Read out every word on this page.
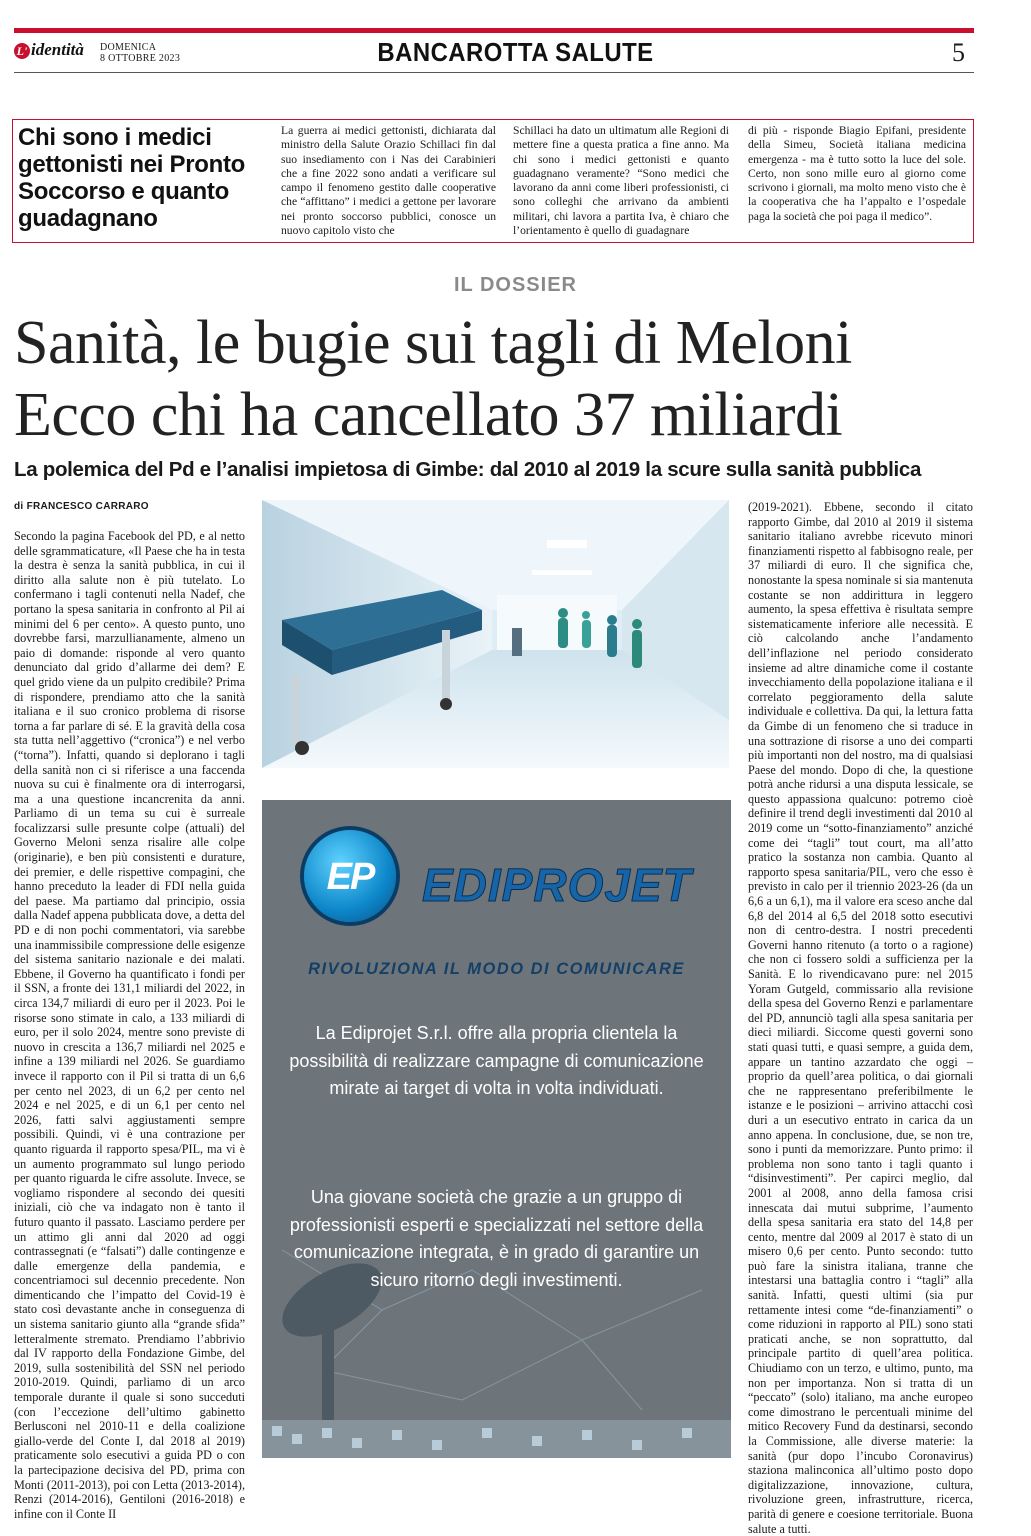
L' identità DOMENICA
8 OTTOBRE 2023	BANCAROTTA SALUTE	5
Chi sono i medici gettonisti nei Pronto Soccorso e quanto guadagnano
La guerra ai medici gettonisti, dichiarata dal ministro della Salute Orazio Schillaci fin dal suo insediamento con i Nas dei Carabinieri che a fine 2022 sono andati a verificare sul campo il fenomeno gestito dalle cooperative che “affittano” i medici a gettone per lavorare nei pronto soccorso pubblici, conosce un nuovo capitolo visto che
Schillaci ha dato un ultimatum alle Regioni di mettere fine a questa pratica a fine anno. Ma chi sono i medici gettonisti e quanto guadagnano veramente? “Sono medici che lavorano da anni come liberi professionisti, ci sono colleghi che arrivano da ambienti militari, chi lavora a partita Iva, è chiaro che l’orientamento è quello di guadagnare
di più - risponde Biagio Epifani, presidente della Simeu, Società italiana medicina emergenza - ma è tutto sotto la luce del sole. Certo, non sono mille euro al giorno come scrivono i giornali, ma molto meno visto che è la cooperativa che ha l’appalto e l’ospedale paga la società che poi paga il medico”.
IL DOSSIER
Sanità, le bugie sui tagli di Meloni
Ecco chi ha cancellato 37 miliardi
La polemica del Pd e l’analisi impietosa di Gimbe: dal 2010 al 2019 la scure sulla sanità pubblica
di FRANCESCO CARRARO
Secondo la pagina Facebook del PD, e al netto delle sgrammaticature, «Il Paese che ha in testa la destra è senza la sanità pubblica, in cui il diritto alla salute non è più tutelato. Lo confermano i tagli contenuti nella Nadef, che portano la spesa sanitaria in confronto al Pil ai minimi del 6 per cento». A questo punto, uno dovrebbe farsi, marzullianamente, almeno un paio di domande: risponde al vero quanto denunciato dal grido d’allarme dei dem? E quel grido viene da un pulpito credibile? Prima di rispondere, prendiamo atto che la sanità italiana e il suo cronico problema di risorse torna a far parlare di sé. E la gravità della cosa sta tutta nell’aggettivo (“cronica”) e nel verbo (“torna”). Infatti, quando si deplorano i tagli della sanità non ci si riferisce a una faccenda nuova su cui è finalmente ora di interrogarsi, ma a una questione incancrenita da anni. Parliamo di un tema su cui è surreale focalizzarsi sulle presunte colpe (attuali) del Governo Meloni senza risalire alle colpe (originarie), e ben più consistenti e durature, dei premier, e delle rispettive compagini, che hanno preceduto la leader di FDI nella guida del paese. Ma partiamo dal principio, ossia dalla Nadef appena pubblicata dove, a detta del PD e di non pochi commentatori, via sarebbe una inammissibile compressione delle esigenze del sistema sanitario nazionale e dei malati. Ebbene, il Governo ha quantificato i fondi per il SSN, a fronte dei 131,1 miliardi del 2022, in circa 134,7 miliardi di euro per il 2023. Poi le risorse sono stimate in calo, a 133 miliardi di euro, per il solo 2024, mentre sono previste di nuovo in crescita a 136,7 miliardi nel 2025 e infine a 139 miliardi nel 2026. Se guardiamo invece il rapporto con il Pil si tratta di un 6,6 per cento nel 2023, di un 6,2 per cento nel 2024 e nel 2025, e di un 6,1 per cento nel 2026, fatti salvi aggiustamenti sempre possibili. Quindi, vi è una contrazione per quanto riguarda il rapporto spesa/PIL, ma vi è un aumento programmato sul lungo periodo per quanto riguarda le cifre assolute. Invece, se vogliamo rispondere al secondo dei quesiti iniziali, ciò che va indagato non è tanto il futuro quanto il passato. Lasciamo perdere per un attimo gli anni dal 2020 ad oggi contrassegnati (e “falsati”) dalle contingenze e dalle emergenze della pandemia, e concentriamoci sul decennio precedente. Non dimenticando che l’impatto del Covid-19 è stato così devastante anche in conseguenza di un sistema sanitario giunto alla “grande sfida” letteralmente stremato. Prendiamo l’abbrivio dal IV rapporto della Fondazione Gimbe, del 2019, sulla sostenibilità del SSN nel periodo 2010-2019. Quindi, parliamo di un arco temporale durante il quale si sono succeduti (con l’eccezione dell’ultimo gabinetto Berlusconi nel 2010-11 e della coalizione giallo-verde del Conte I, dal 2018 al 2019) praticamente solo esecutivi a guida PD o con la partecipazione decisiva del PD, prima con Monti (2011-2013), poi con Letta (2013-2014), Renzi (2014-2016), Gentiloni (2016-2018) e infine con il Conte II
(2019-2021). Ebbene, secondo il citato rapporto Gimbe, dal 2010 al 2019 il sistema sanitario italiano avrebbe ricevuto minori finanziamenti rispetto al fabbisogno reale, per 37 miliardi di euro. Il che significa che, nonostante la spesa nominale si sia mantenuta costante se non addirittura in leggero aumento, la spesa effettiva è risultata sempre sistematicamente inferiore alle necessità. E ciò calcolando anche l’andamento dell’inflazione nel periodo considerato insieme ad altre dinamiche come il costante invecchiamento della popolazione italiana e il correlato peggioramento della salute individuale e collettiva. Da qui, la lettura fatta da Gimbe di un fenomeno che si traduce in una sottrazione di risorse a uno dei comparti più importanti non del nostro, ma di qualsiasi Paese del mondo. Dopo di che, la questione potrà anche ridursi a una disputa lessicale, se questo appassiona qualcuno: potremo cioè definire il trend degli investimenti dal 2010 al 2019 come un “sotto-finanziamento” anziché come dei “tagli” tout court, ma all’atto pratico la sostanza non cambia. Quanto al rapporto spesa sanitaria/PIL, vero che esso è previsto in calo per il triennio 2023-26 (da un 6,6 a un 6,1), ma il valore era sceso anche dal 6,8 del 2014 al 6,5 del 2018 sotto esecutivi non di centro-destra. I nostri precedenti Governi hanno ritenuto (a torto o a ragione) che non ci fossero soldi a sufficienza per la Sanità. E lo rivendicavano pure: nel 2015 Yoram Gutgeld, commissario alla revisione della spesa del Governo Renzi e parlamentare del PD, annunciò tagli alla spesa sanitaria per dieci miliardi. Siccome questi governi sono stati quasi tutti, e quasi sempre, a guida dem, appare un tantino azzardato che oggi – proprio da quell’area politica, o dai giornali che ne rappresentano preferibilmente le istanze e le posizioni – arrivino attacchi così duri a un esecutivo entrato in carica da un anno appena. In conclusione, due, se non tre, sono i punti da memorizzare. Punto primo: il problema non sono tanto i tagli quanto i “disinvestimenti”. Per capirci meglio, dal 2001 al 2008, anno della famosa crisi innescata dai mutui subprime, l’aumento della spesa sanitaria era stato del 14,8 per cento, mentre dal 2009 al 2017 è stato di un misero 0,6 per cento. Punto secondo: tutto può fare la sinistra italiana, tranne che intestarsi una battaglia contro i “tagli” alla sanità. Infatti, questi ultimi (sia pur rettamente intesi come “de-finanziamenti” o come riduzioni in rapporto al PIL) sono stati praticati anche, se non soprattutto, dal principale partito di quell’area politica. Chiudiamo con un terzo, e ultimo, punto, ma non per importanza. Non si tratta di un “peccato” (solo) italiano, ma anche europeo come dimostrano le percentuali minime del mitico Recovery Fund da destinarsi, secondo la Commissione, alle diverse materie: la sanità (pur dopo l’incubo Coronavirus) staziona malinconica all’ultimo posto dopo digitalizzazione, innovazione, cultura, rivoluzione green, infrastrutture, ricerca, parità di genere e coesione territoriale. Buona salute a tutti.
EP	EDIPROJET
RIVOLUZIONA IL MODO DI COMUNICARE
La Ediprojet S.r.l. offre alla propria clientela la possibilità di realizzare campagne di comunicazione mirate ai target di volta in volta individuati.
Una giovane società che grazie a un gruppo di professionisti esperti e specializzati nel settore della comunicazione integrata, è in grado di garantire un sicuro ritorno degli investimenti.
